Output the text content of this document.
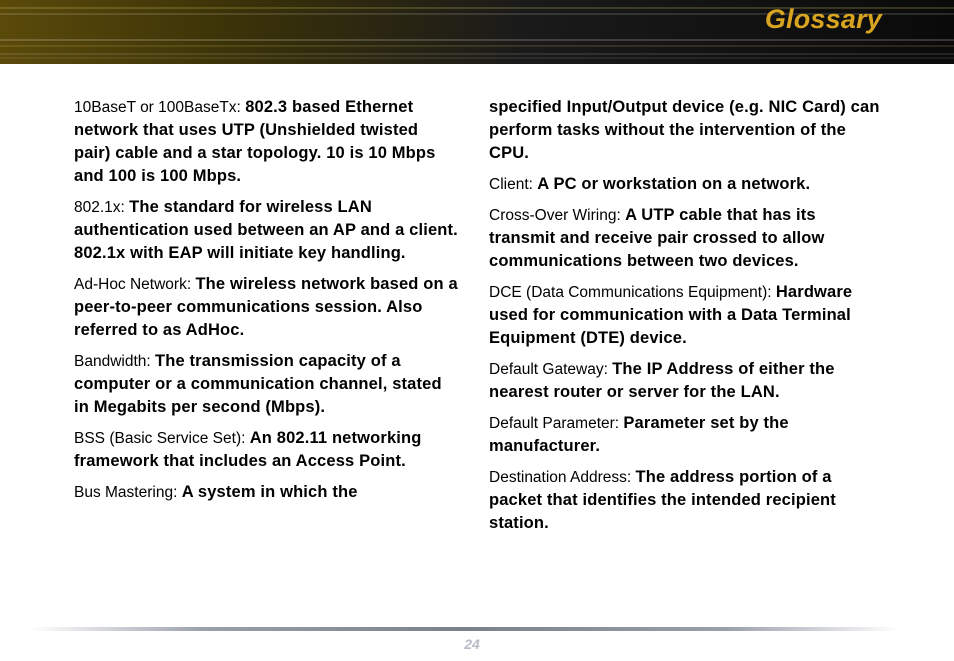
Glossary

10BaseT or 100BaseTx: 802.3 based Ethernet network that uses UTP (Unshielded twisted pair) cable and a star topology. 10 is 10 Mbps and 100 is 100 Mbps.

802.1x: The standard for wireless LAN authentication used between an AP and a client. 802.1x with EAP will initiate key handling.

Ad-Hoc Network: The wireless network based on a peer-to-peer communications session. Also referred to as AdHoc.

Bandwidth: The transmission capacity of a computer or a communication channel, stated in Megabits per second (Mbps).

BSS (Basic Service Set): An 802.11 networking framework that includes an Access Point.

Bus Mastering: A system in which the

specified Input/Output device (e.g. NIC Card) can perform tasks without the intervention of the CPU.

Client: A PC or workstation on a network.

Cross-Over Wiring: A UTP cable that has its transmit and receive pair crossed to allow communications between two devices.

DCE (Data Communications Equipment): Hardware used for communication with a Data Terminal Equipment (DTE) device.

Default Gateway: The IP Address of either the nearest router or server for the LAN.

Default Parameter: Parameter set by the manufacturer.

Destination Address: The address portion of a packet that identifies the intended recipient station.

24
